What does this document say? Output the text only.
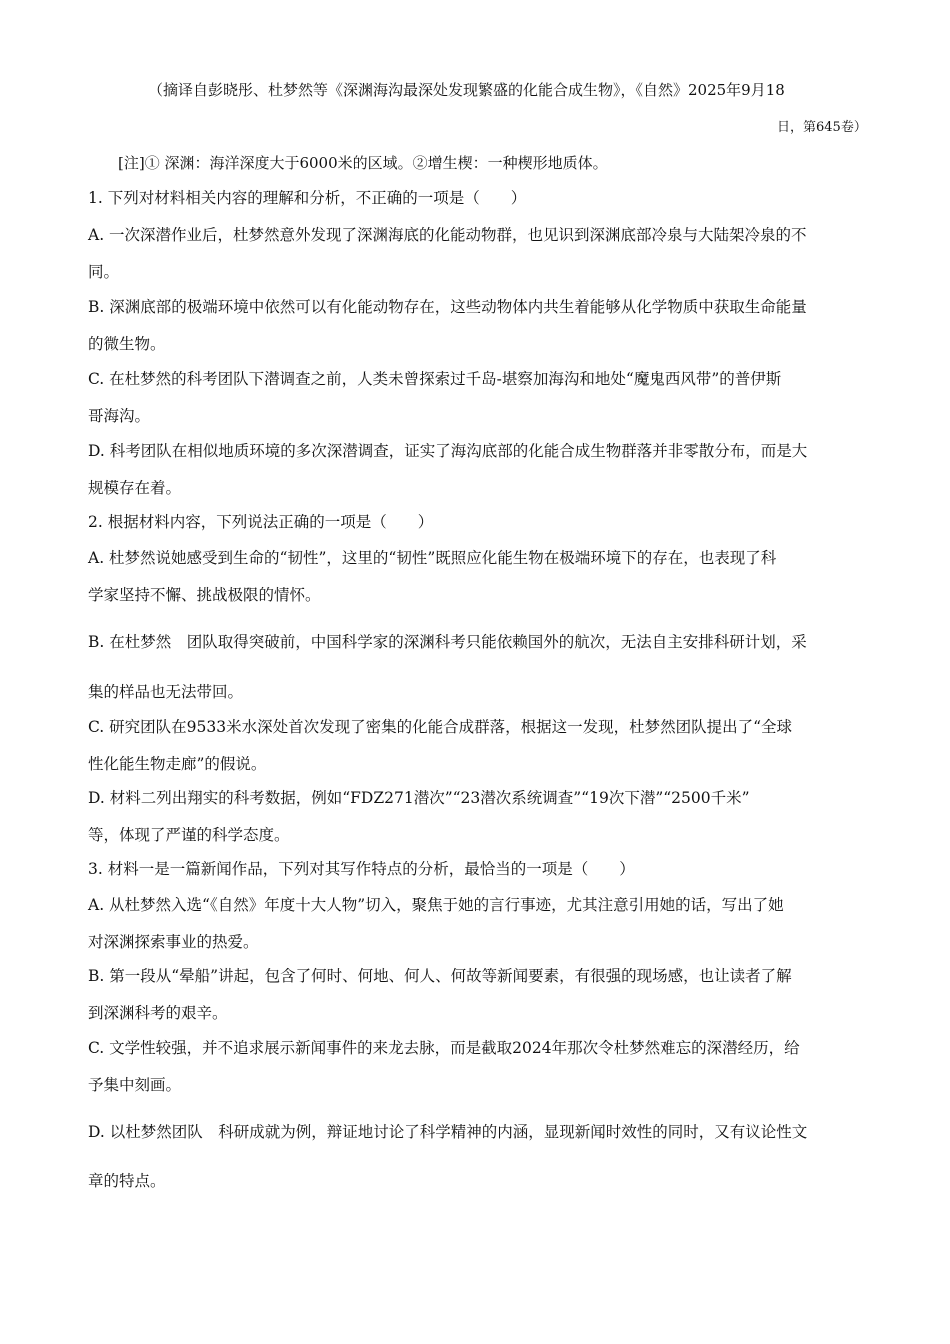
（摘译自彭晓彤、杜梦然等《深渊海沟最深处发现繁盛的化能合成生物》，《自然》2025年9月18
日，第645卷）
[注]① 深渊：海洋深度大于6000米的区域。②增生楔：一种楔形地质体。
1. 下列对材料相关内容的理解和分析，不正确的一项是（　　）
A. 一次深潜作业后，杜梦然意外发现了深渊海底的化能动物群，也见识到深渊底部冷泉与大陆架冷泉的不
同。
B. 深渊底部的极端环境中依然可以有化能动物存在，这些动物体内共生着能够从化学物质中获取生命能量
的微生物。
C. 在杜梦然的科考团队下潜调查之前，人类未曾探索过千岛-堪察加海沟和地处“魔鬼西风带”的普伊斯
哥海沟。
D. 科考团队在相似地质环境的多次深潜调查，证实了海沟底部的化能合成生物群落并非零散分布，而是大
规模存在着。
2. 根据材料内容，下列说法正确的一项是（　　）
A. 杜梦然说她感受到生命的“韧性”，这里的“韧性”既照应化能生物在极端环境下的存在，也表现了科
学家坚持不懈、挑战极限的情怀。
B. 在杜梦然　团队取得突破前，中国科学家的深渊科考只能依赖国外的航次，无法自主安排科研计划，采
集的样品也无法带回。
C. 研究团队在9533米水深处首次发现了密集的化能合成群落，根据这一发现，杜梦然团队提出了“全球
性化能生物走廊”的假说。
D. 材料二列出翔实的科考数据，例如“FDZ271潜次”“23潜次系统调查”“19次下潜”“2500千米”
等，体现了严谨的科学态度。
3. 材料一是一篇新闻作品，下列对其写作特点的分析，最恰当的一项是（　　）
A. 从杜梦然入选“《自然》年度十大人物”切入，聚焦于她的言行事迹，尤其注意引用她的话，写出了她
对深渊探索事业的热爱。
B. 第一段从“晕船”讲起，包含了何时、何地、何人、何故等新闻要素，有很强的现场感，也让读者了解
到深渊科考的艰辛。
C. 文学性较强，并不追求展示新闻事件的来龙去脉，而是截取2024年那次令杜梦然难忘的深潜经历，给
予集中刻画。
D. 以杜梦然团队　科研成就为例，辩证地讨论了科学精神的内涵，显现新闻时效性的同时，又有议论性文
章的特点。
